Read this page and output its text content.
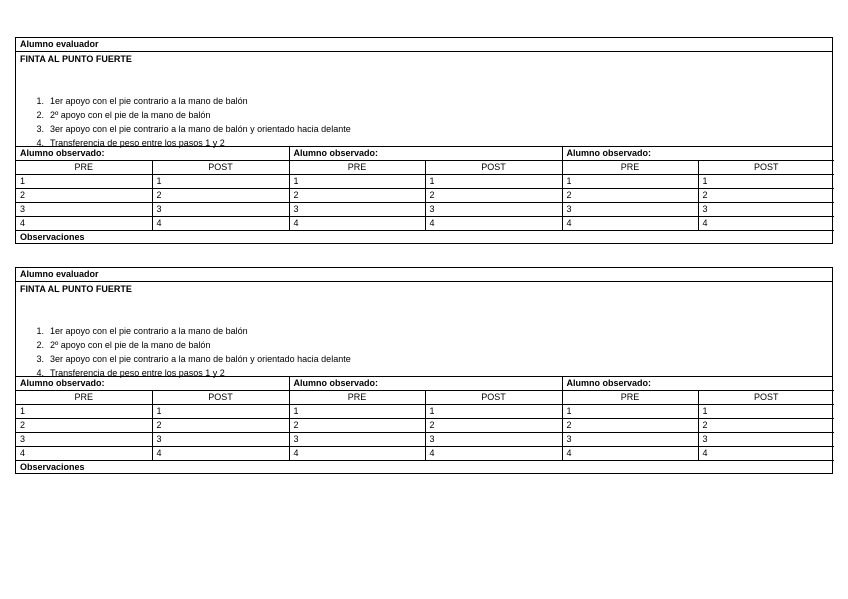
Alumno evaluador
FINTA AL PUNTO FUERTE
1. 1er apoyo con el pie contrario a la mano de balón
2. 2º apoyo con el pie de la mano de balón
3. 3er apoyo con el pie contrario a la mano de balón y orientado hacia delante
4. Transferencia de peso entre los pasos 1 y 2
Alumno observado:		Alumno observado:		Alumno observado:	
PRE	POST	PRE	POST	PRE	POST
1	1	1	1	1	1
2	2	2	2	2	2
3	3	3	3	3	3
4	4	4	4	4	4
Observaciones
Alumno evaluador
FINTA AL PUNTO FUERTE
1. 1er apoyo con el pie contrario a la mano de balón
2. 2º apoyo con el pie de la mano de balón
3. 3er apoyo con el pie contrario a la mano de balón y orientado hacia delante
4. Transferencia de peso entre los pasos 1 y 2
Alumno observado:		Alumno observado:		Alumno observado:	
PRE	POST	PRE	POST	PRE	POST
1	1	1	1	1	1
2	2	2	2	2	2
3	3	3	3	3	3
4	4	4	4	4	4
Observaciones
